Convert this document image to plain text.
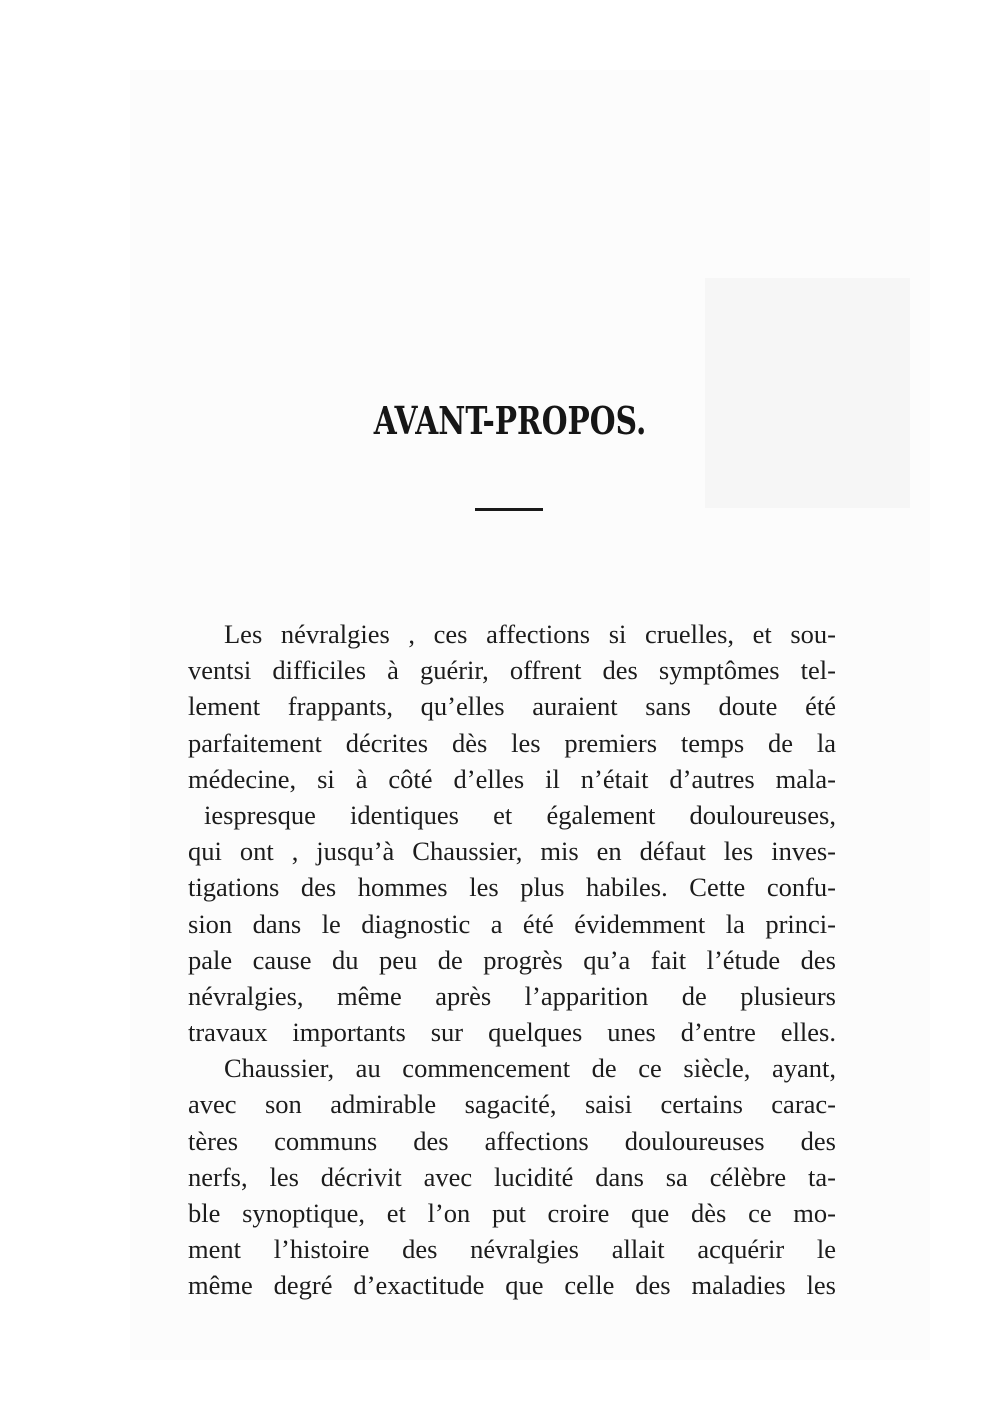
AVANT-PROPOS.
Les névralgies , ces affections si cruelles, et sou-
ventsi difficiles à guérir, offrent des symptômes tel-
lement frappants, qu’elles auraient sans doute été
parfaitement décrites dès les premiers temps de la
médecine, si à côté d’elles il n’était d’autres mala-
iespresque identiques et également douloureuses,
qui ont , jusqu’à Chaussier, mis en défaut les inves-
tigations des hommes les plus habiles. Cette confu-
sion dans le diagnostic a été évidemment la princi-
pale cause du peu de progrès qu’a fait l’étude des
névralgies, même après l’apparition de plusieurs
travaux importants sur quelques unes d’entre elles.
Chaussier, au commencement de ce siècle, ayant,
avec son admirable sagacité, saisi certains carac-
tères communs des affections douloureuses des
nerfs, les décrivit avec lucidité dans sa célèbre ta-
ble synoptique, et l’on put croire que dès ce mo-
ment l’histoire des névralgies allait acquérir le
même degré d’exactitude que celle des maladies les
